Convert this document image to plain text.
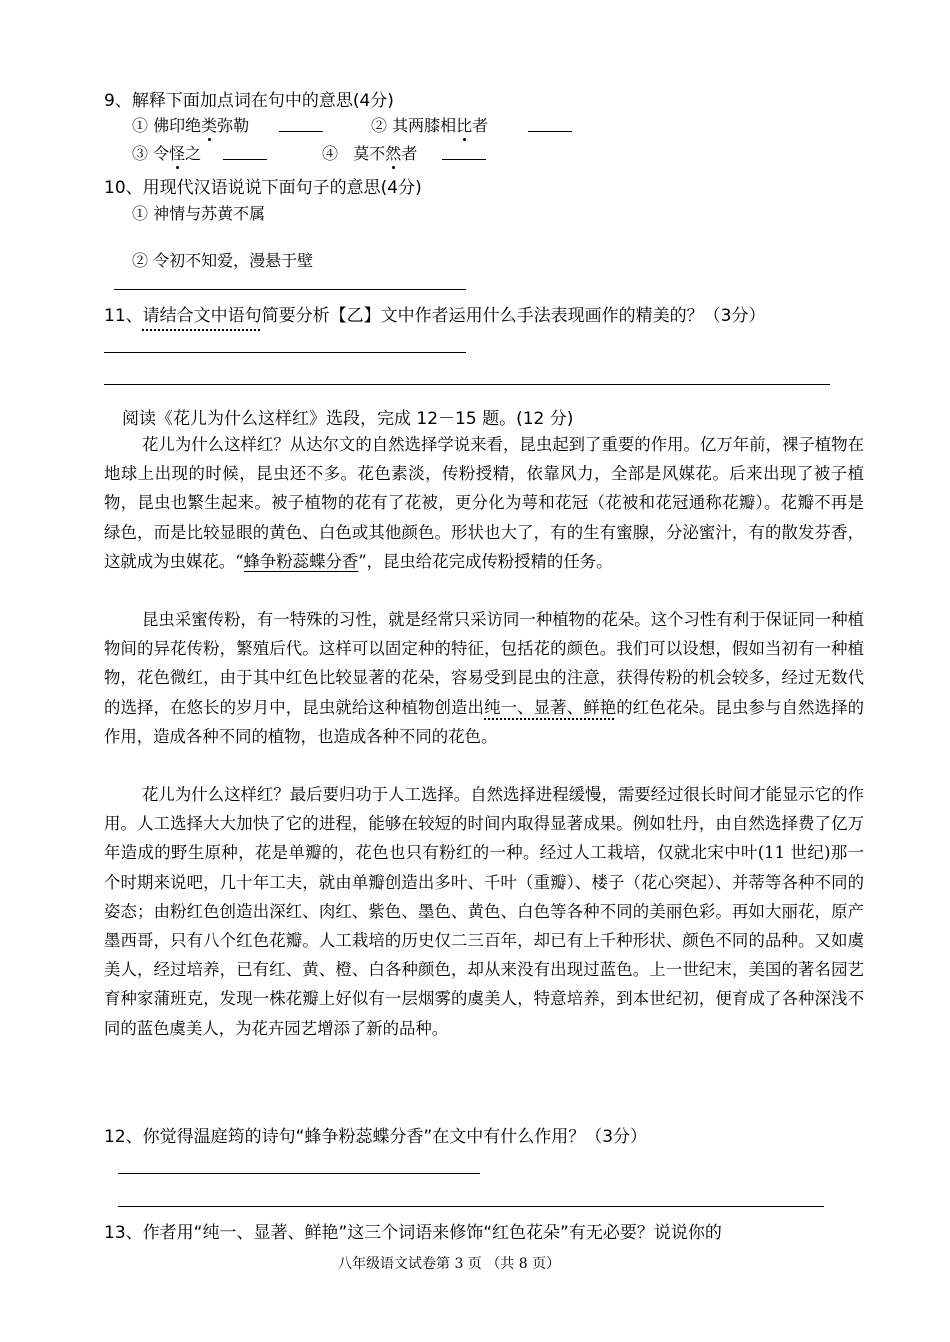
9、解释下面加点词在句中的意思(4分)
① 佛印绝类弥勒	② 其两膝相比者
③ 令怪之	④ 莫不然者
10、用现代汉语说说下面句子的意思(4分)
① 神情与苏黄不属
② 令初不知爱，漫悬于壁
11、请结合文中语句简要分析【乙】文中作者运用什么手法表现画作的精美的？（3分）
阅读《花儿为什么这样红》选段，完成 12－15 题。(12 分)
花儿为什么这样红？从达尔文的自然选择学说来看，昆虫起到了重要的作用。亿万年前，裸子植物在地球上出现的时候，昆虫还不多。花色素淡，传粉授精，依靠风力，全部是风媒花。后来出现了被子植物，昆虫也繁生起来。被子植物的花有了花被，更分化为萼和花冠（花被和花冠通称花瓣）。花瓣不再是绿色，而是比较显眼的黄色、白色或其他颜色。形状也大了，有的生有蜜腺，分泌蜜汁，有的散发芬香，这就成为虫媒花。“蜂争粉蕊蝶分香”，昆虫给花完成传粉授精的任务。
昆虫采蜜传粉，有一特殊的习性，就是经常只采访同一种植物的花朵。这个习性有利于保证同一种植物间的异花传粉，繁殖后代。这样可以固定种的特征，包括花的颜色。我们可以设想，假如当初有一种植物，花色微红，由于其中红色比较显著的花朵，容易受到昆虫的注意，获得传粉的机会较多，经过无数代的选择，在悠长的岁月中，昆虫就给这种植物创造出纯一、显著、鲜艳的红色花朵。昆虫参与自然选择的作用，造成各种不同的植物，也造成各种不同的花色。
花儿为什么这样红？最后要归功于人工选择。自然选择进程缓慢，需要经过很长时间才能显示它的作用。人工选择大大加快了它的进程，能够在较短的时间内取得显著成果。例如牡丹，由自然选择费了亿万年造成的野生原种，花是单瓣的，花色也只有粉红的一种。经过人工栽培，仅就北宋中叶(11 世纪)那一个时期来说吧，几十年工夫，就由单瓣创造出多叶、千叶（重瓣）、楼子（花心突起）、并蒂等各种不同的姿态；由粉红色创造出深红、肉红、紫色、墨色、黄色、白色等各种不同的美丽色彩。再如大丽花，原产墨西哥，只有八个红色花瓣。人工栽培的历史仅二三百年，却已有上千种形状、颜色不同的品种。又如虞美人，经过培养，已有红、黄、橙、白各种颜色，却从来没有出现过蓝色。上一世纪末，美国的著名园艺育种家蒲班克，发现一株花瓣上好似有一层烟雾的虞美人，特意培养，到本世纪初，便育成了各种深浅不同的蓝色虞美人，为花卉园艺增添了新的品种。
12、你觉得温庭筠的诗句“蜂争粉蕊蝶分香”在文中有什么作用？（3分）
13、作者用“纯一、显著、鲜艳”这三个词语来修饰“红色花朵”有无必要？说说你的
八年级语文试卷第 3 页 （共 8 页）
